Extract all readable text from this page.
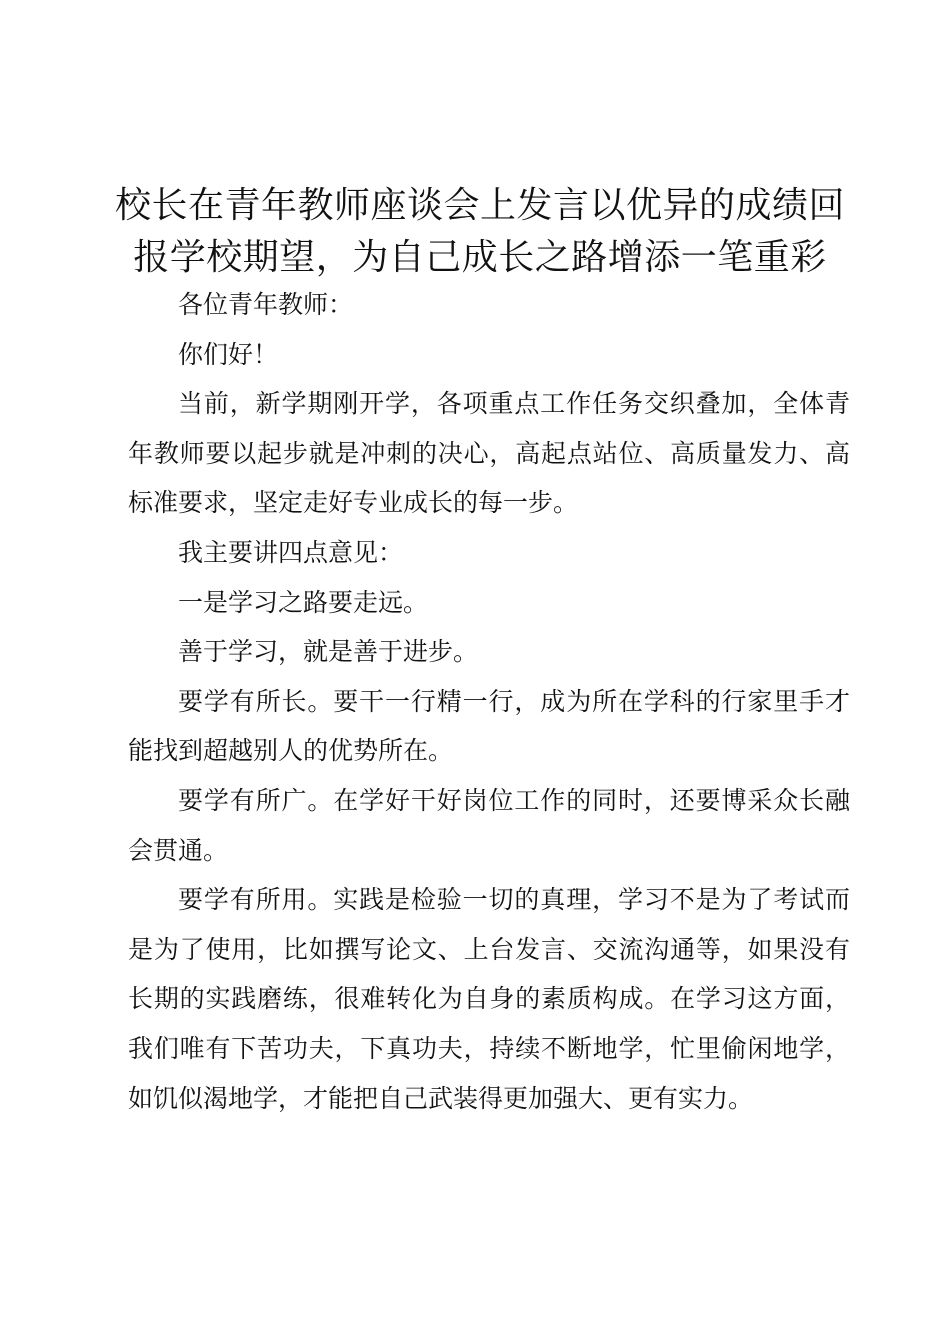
校长在青年教师座谈会上发言以优异的成绩回
报学校期望，为自己成长之路增添一笔重彩

各位青年教师：

你们好！

当前，新学期刚开学，各项重点工作任务交织叠加，全体青年教师要以起步就是冲刺的决心，高起点站位、高质量发力、高标准要求，坚定走好专业成长的每一步。

我主要讲四点意见：

一是学习之路要走远。

善于学习，就是善于进步。

要学有所长。要干一行精一行，成为所在学科的行家里手才能找到超越别人的优势所在。

要学有所广。在学好干好岗位工作的同时，还要博采众长融会贯通。

要学有所用。实践是检验一切的真理，学习不是为了考试而是为了使用，比如撰写论文、上台发言、交流沟通等，如果没有长期的实践磨练，很难转化为自身的素质构成。在学习这方面，我们唯有下苦功夫，下真功夫，持续不断地学，忙里偷闲地学，如饥似渴地学，才能把自己武装得更加强大、更有实力。
